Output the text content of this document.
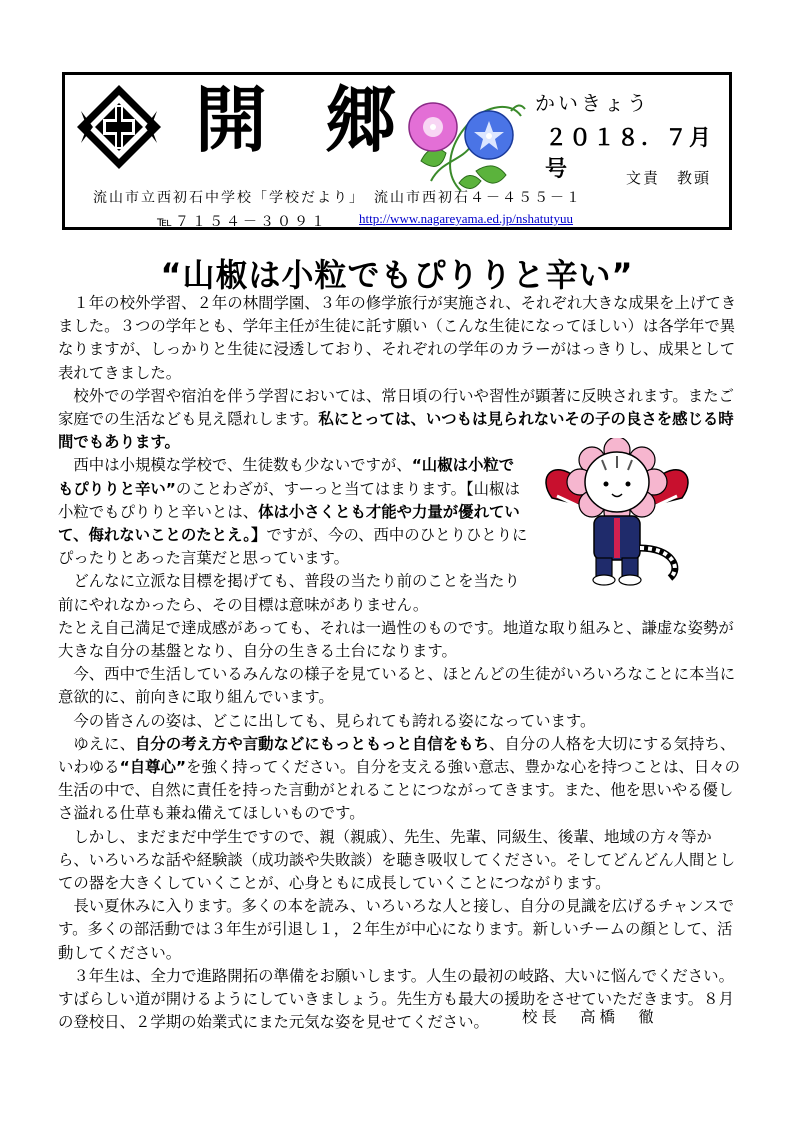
開 郷	かいきょう
２０１８．７月号	文責　教頭
流山市立西初石中学校「学校だより」　流山市西初石４－４５５－１
℡７１５４－３０９１ http://www.nagareyama.ed.jp/nshatutyuu
“山椒は小粒でもぴりりと辛い”

　１年の校外学習、２年の林間学園、３年の修学旅行が実施され、それぞれ大きな成果を上げてきました。３つの学年とも、学年主任が生徒に託す願い（こんな生徒になってほしい）は各学年で異なりますが、しっかりと生徒に浸透しており、それぞれの学年のカラーがはっきりし、成果として表れてきました。

　校外での学習や宿泊を伴う学習においては、常日頃の行いや習性が顕著に反映されます。またご家庭での生活なども見え隠れします。私にとっては、いつもは見られないその子の良さを感じる時間でもあります。

　西中は小規模な学校で、生徒数も少ないですが、“山椒は小粒でもぴりりと辛い”のことわざが、すーっと当てはまります。【山椒は小粒でもぴりりと辛いとは、体は小さくとも才能や力量が優れていて、侮れないことのたとえ。】ですが、今の、西中のひとりひとりにぴったりとあった言葉だと思っています。

　どんなに立派な目標を掲げても、普段の当たり前のことを当たり前にやれなかったら、その目標は意味がありません。
たとえ自己満足で達成感があっても、それは一過性のものです。地道な取り組みと、謙虚な姿勢が大きな自分の基盤となり、自分の生きる土台になります。

　今、西中で生活しているみんなの様子を見ていると、ほとんどの生徒がいろいろなことに本当に意欲的に、前向きに取り組んでいます。

　今の皆さんの姿は、どこに出しても、見られても誇れる姿になっています。

　ゆえに、自分の考え方や言動などにもっともっと自信をもち、自分の人格を大切にする気持ち、いわゆる“自尊心”を強く持ってください。自分を支える強い意志、豊かな心を持つことは、日々の生活の中で、自然に責任を持った言動がとれることにつながってきます。また、他を思いやる優しさ溢れる仕草も兼ね備えてほしいものです。

　しかし、まだまだ中学生ですので、親（親戚）、先生、先輩、同級生、後輩、地域の方々等から、いろいろな話や経験談（成功談や失敗談）を聴き吸収してください。そしてどんどん人間としての器を大きくしていくことが、心身ともに成長していくことにつながります。

　長い夏休みに入ります。多くの本を読み、いろいろな人と接し、自分の見識を広げるチャンスです。多くの部活動では３年生が引退し１，２年生が中心になります。新しいチームの顔として、活動してください。

　３年生は、全力で進路開拓の準備をお願いします。人生の最初の岐路、大いに悩んでください。すばらしい道が開けるようにしていきましょう。先生方も最大の援助をさせていただきます。８月の登校日、２学期の始業式にまた元気な姿を見せてください。	校長　高橋　徹
